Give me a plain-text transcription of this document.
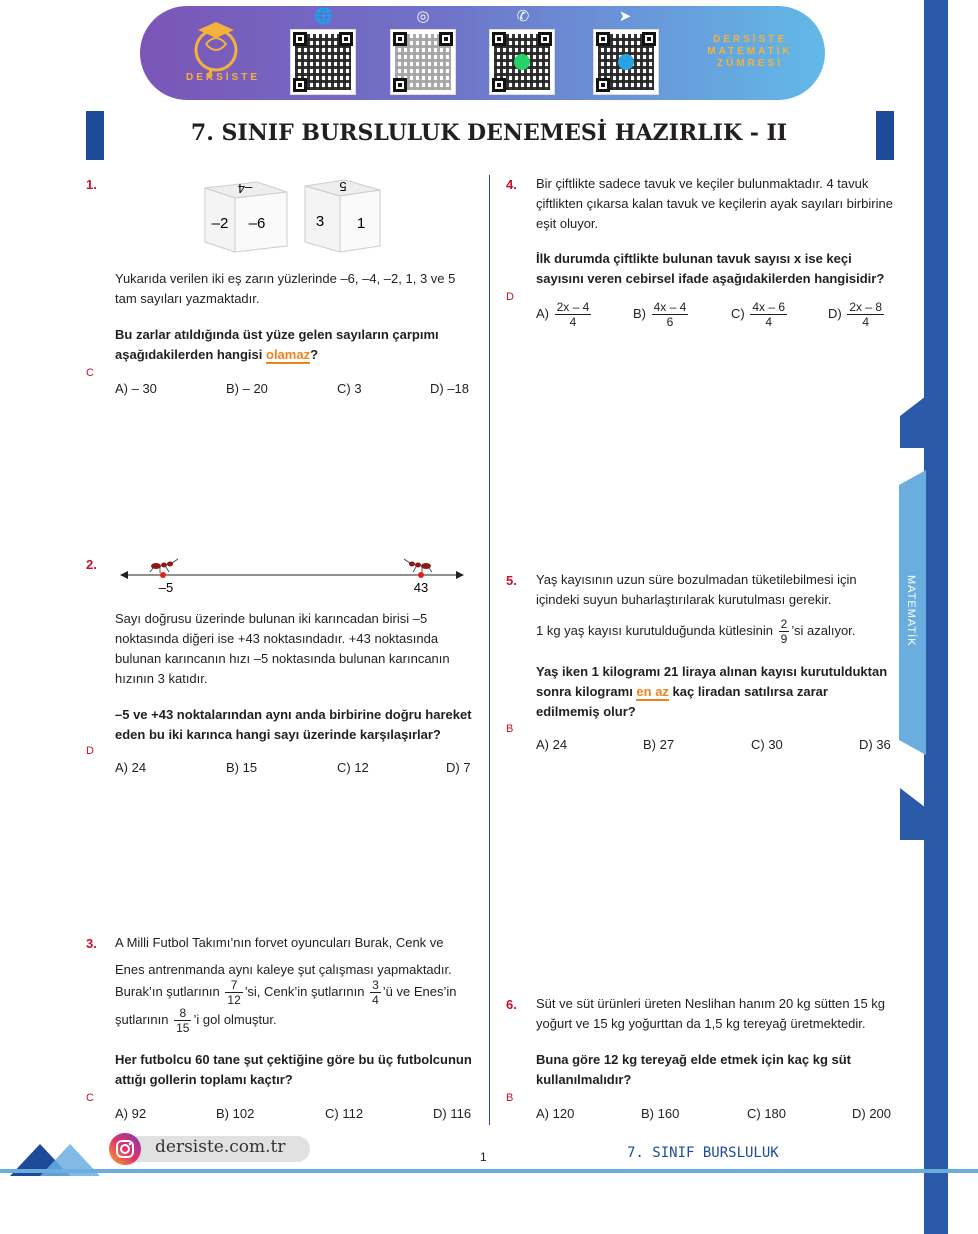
DERSİSTE
🌐	◎	✆	➤
DERSİSTE
MATEMATİK
ZÜMRESİ
7. SINIF BURSLULUK DENEMESİ HAZIRLIK - II
MATEMATİK
1.	–4
–2 –6
5
3 1
Yukarıda verilen iki eş zarın yüzlerinde –6, –4, –2, 1, 3 ve 5 tam sayıları yazmaktadır.
Bu zarlar atıldığında üst yüze gelen sayıların çarpımı aşağıdakilerden hangisi olamaz?
C
A) – 30	B) – 20	C) 3	D) –18
2.
–5	43
Sayı doğrusu üzerinde bulunan iki karıncadan birisi –5 noktasında diğeri ise +43 noktasındadır. +43 noktasında bulunan karıncanın hızı –5 noktasında bulunan karıncanın hızının 3 katıdır.
–5 ve +43 noktalarından aynı anda birbirine doğru hareket eden bu iki karınca hangi sayı üzerinde karşılaşırlar?
D
A) 24	B) 15	C) 12	D) 7
3. A Milli Futbol Takımı’nın forvet oyuncuları Burak, Cenk ve
Enes antrenmanda aynı kaleye şut çalışması yapmaktadır.
Burak’ın şutlarının $\frac{7}{12}$ ’si, Cenk’in şutlarının $\frac{3}{4}$ ’ü ve Enes’in
şutlarının $\frac{8}{15}$ ’i gol olmuştur.
Her futbolcu 60 tane şut çektiğine göre bu üç futbolcunun attığı gollerin toplamı kaçtır?
C
A) 92	B) 102	C) 112	D) 116
4. Bir çiftlikte sadece tavuk ve keçiler bulunmaktadır. 4 tavuk çiftlikten çıkarsa kalan tavuk ve keçilerin ayak sayıları birbirine eşit oluyor.
İlk durumda çiftlikte bulunan tavuk sayısı x ise keçi sayısını veren cebirsel ifade aşağıdakilerden hangisidir?
D
$A) \frac{2x - 4}{4}$	$B) \frac{4x - 4}{6}$	$C) \frac{4x - 6}{4}$	$D) \frac{2x - 8}{4}$
5. Yaş kayısının uzun süre bozulmadan tüketilebilmesi için içindeki suyun buharlaştırılarak kurutulması gerekir.
1 kg yaş kayısı kurutulduğunda kütlesinin $\frac{2}{9}$ ’si azalıyor.
Yaş iken 1 kilogramı 21 liraya alınan kayısı kurutulduktan sonra kilogramı en az kaç liradan satılırsa zarar edilmemiş olur?
B
A) 24	B) 27	C) 30	D) 36
6. Süt ve süt ürünleri üreten Neslihan hanım 20 kg sütten 15 kg yoğurt ve 15 kg yoğurttan da 1,5 kg tereyağ üretmektedir.
Buna göre 12 kg tereyağ elde etmek için kaç kg süt kullanılmalıdır?
B
A) 120	B) 160	C) 180	D) 200
dersiste.com.tr	1	7. SINIF BURSLULUK
